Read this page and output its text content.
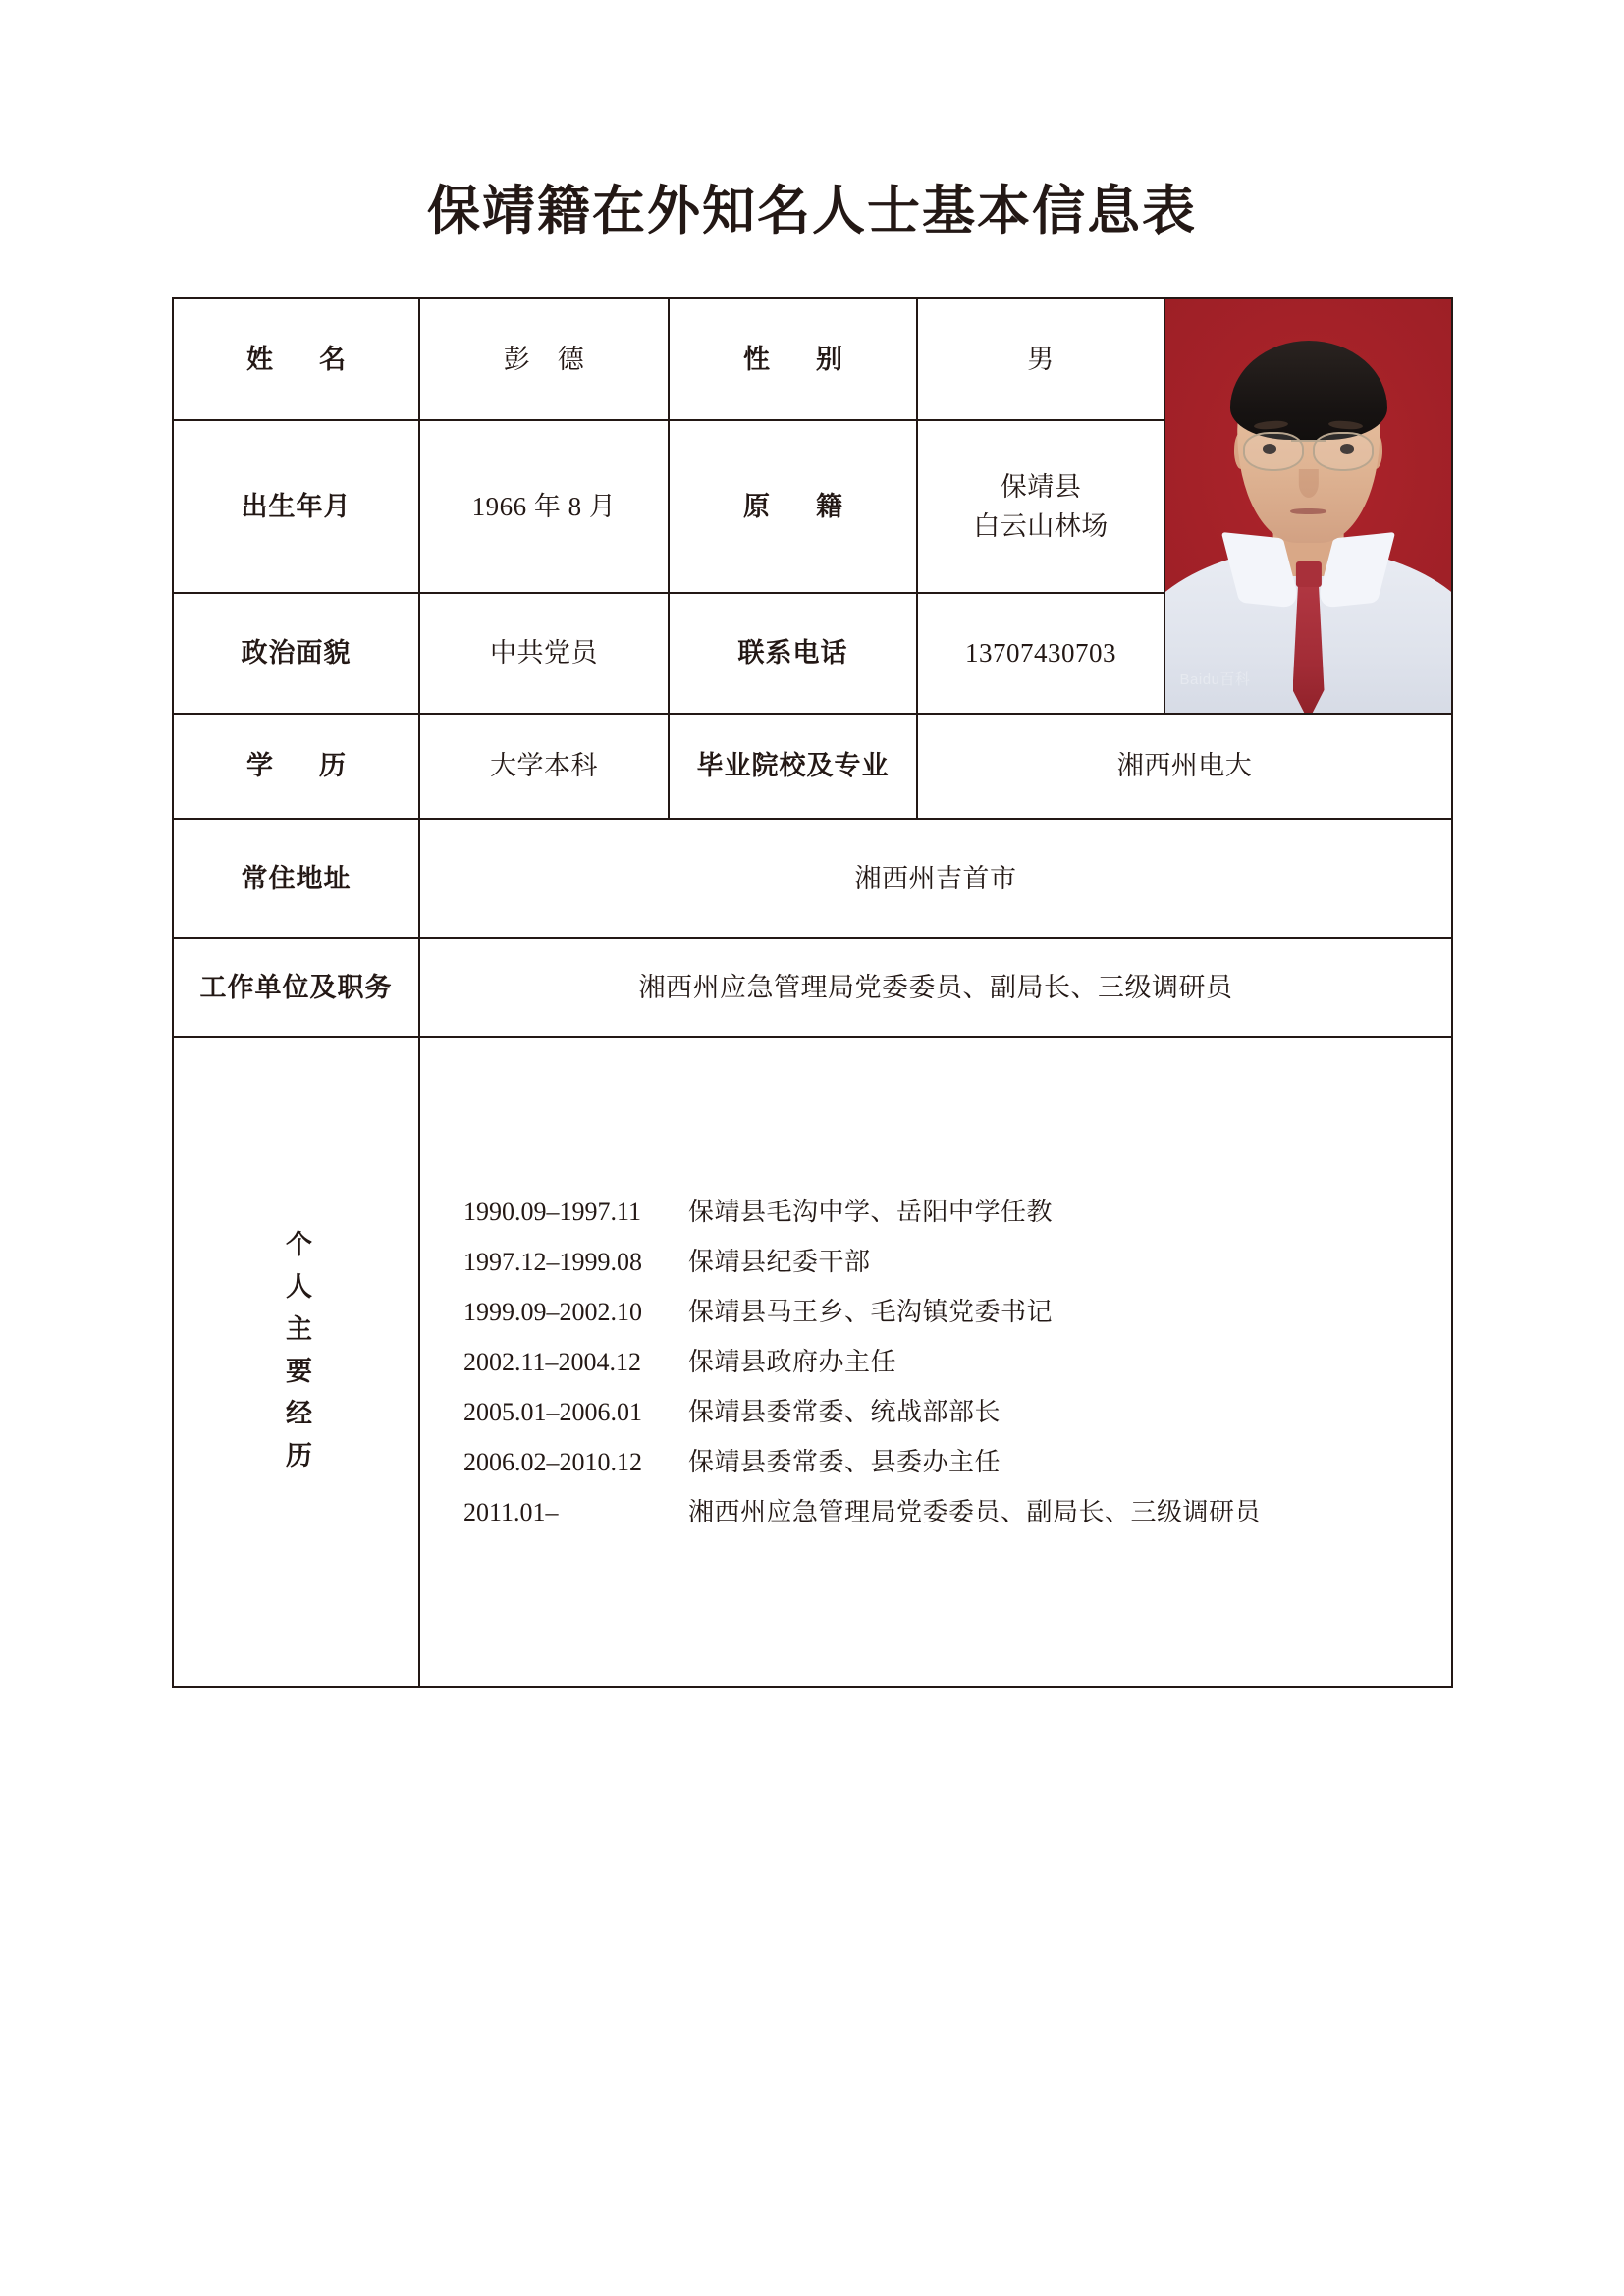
保靖籍在外知名人士基本信息表
姓　名	彭　德	性　别	男	Baidu百科

出生年月	1966 年 8 月	原　籍	保靖县
白云山林场	

政治面貌	中共党员	联系电话	13707430703	
学　历	大学本科	毕业院校及专业	湘西州电大	
常住地址	湘西州吉首市			
工作单位及职务	湘西州应急管理局党委委员、副局长、三级调研员			
个人主要经历	
1990.09–1997.11	保靖县毛沟中学、岳阳中学任教
1997.12–1999.08	保靖县纪委干部
1999.09–2002.10	保靖县马王乡、毛沟镇党委书记
2002.11–2004.12	保靖县政府办主任
2005.01–2006.01	保靖县委常委、统战部部长
2006.02–2010.12	保靖县委常委、县委办主任
2011.01–	湘西州应急管理局党委委员、副局长、三级调研员
